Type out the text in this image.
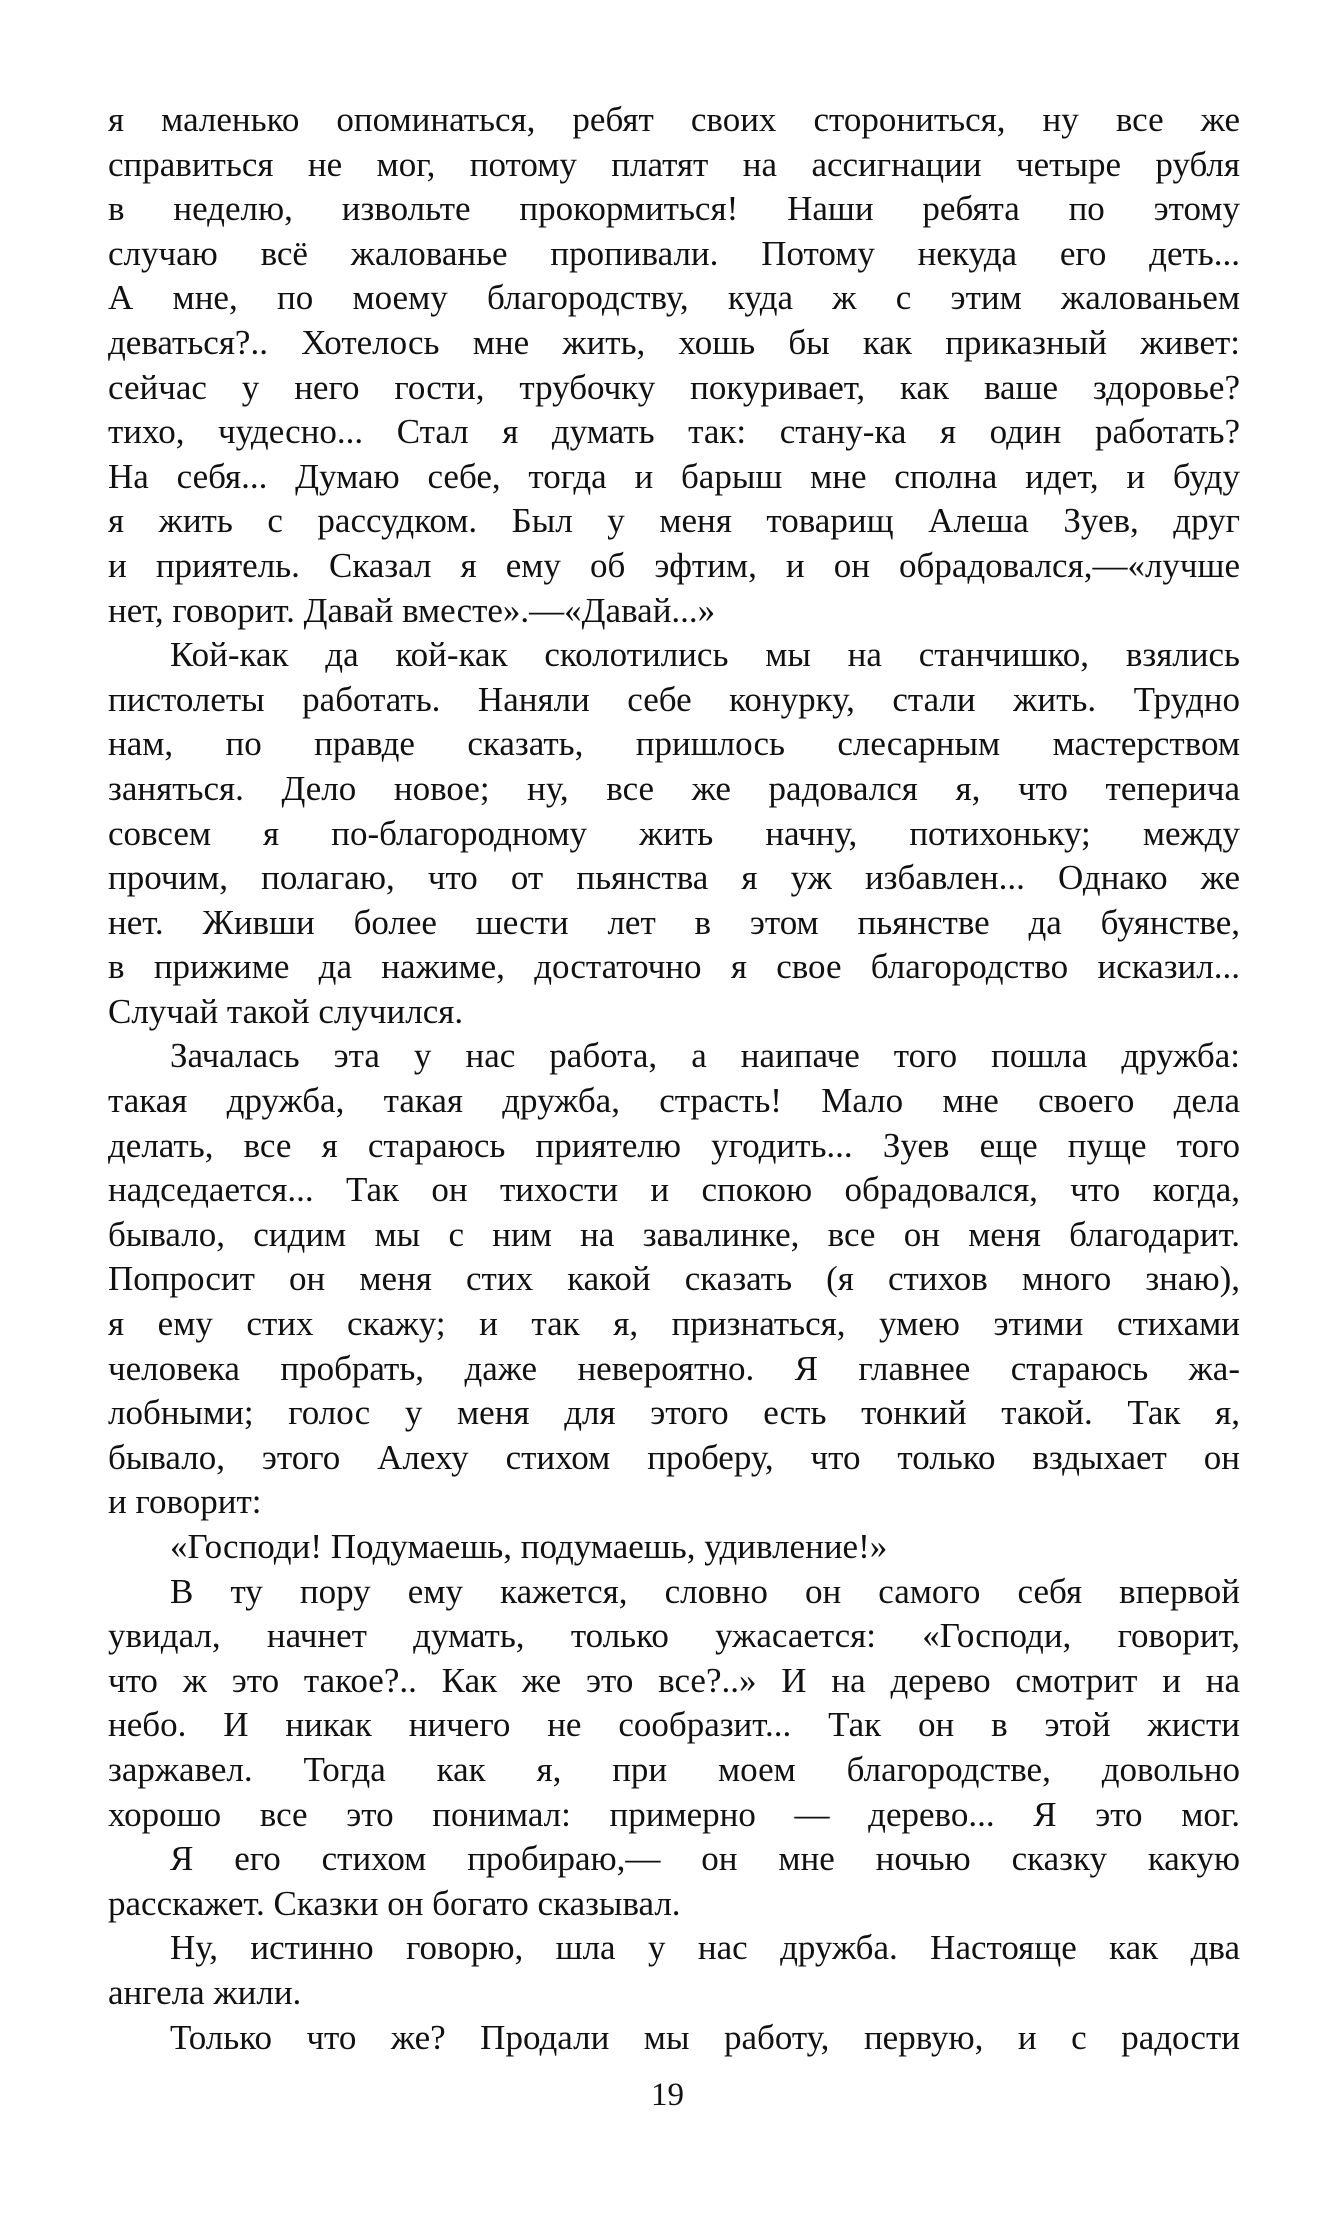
я маленько опоминаться, ребят своих сторониться, ну все же
справиться не мог, потому платят на ассигнации четыре рубля
в неделю, извольте прокормиться! Наши ребята по этому
случаю всё жалованье пропивали. Потому некуда его деть...
А мне, по моему благородству, куда ж с этим жалованьем
деваться?.. Хотелось мне жить, хошь бы как приказный живет:
сейчас у него гости, трубочку покуривает, как ваше здоровье?
тихо, чудесно... Стал я думать так: стану-ка я один работать?
На себя... Думаю себе, тогда и барыш мне сполна идет, и буду
я жить с рассудком. Был у меня товарищ Алеша Зуев, друг
и приятель. Сказал я ему об эфтим, и он обрадовался,—«лучше
нет, говорит. Давай вместе».—«Давай...»
Кой-как да кой-как сколотились мы на станчишко, взялись
пистолеты работать. Наняли себе конурку, стали жить. Трудно
нам, по правде сказать, пришлось слесарным мастерством
заняться. Дело новое; ну, все же радовался я, что теперича
совсем я по-благородному жить начну, потихоньку; между
прочим, полагаю, что от пьянства я уж избавлен... Однако же
нет. Живши более шести лет в этом пьянстве да буянстве,
в прижиме да нажиме, достаточно я свое благородство исказил...
Случай такой случился.
Зачалась эта у нас работа, а наипаче того пошла дружба:
такая дружба, такая дружба, страсть! Мало мне своего дела
делать, все я стараюсь приятелю угодить... Зуев еще пуще того
надседается... Так он тихости и спокою обрадовался, что когда,
бывало, сидим мы с ним на завалинке, все он меня благодарит.
Попросит он меня стих какой сказать (я стихов много знаю),
я ему стих скажу; и так я, признаться, умею этими стихами
человека пробрать, даже невероятно. Я главнее стараюсь жа-
лобными; голос у меня для этого есть тонкий такой. Так я,
бывало, этого Алеху стихом проберу, что только вздыхает он
и говорит:
«Господи! Подумаешь, подумаешь, удивление!»
В ту пору ему кажется, словно он самого себя впервой
увидал, начнет думать, только ужасается: «Господи, говорит,
что ж это такое?.. Как же это все?..» И на дерево смотрит и на
небо. И никак ничего не сообразит... Так он в этой жисти
заржавел. Тогда как я, при моем благородстве, довольно
хорошо все это понимал: примерно — дерево... Я это мог.
Я его стихом пробираю,— он мне ночью сказку какую
расскажет. Сказки он богато сказывал.
Ну, истинно говорю, шла у нас дружба. Настояще как два
ангела жили.
Только что же? Продали мы работу, первую, и с радости
19
